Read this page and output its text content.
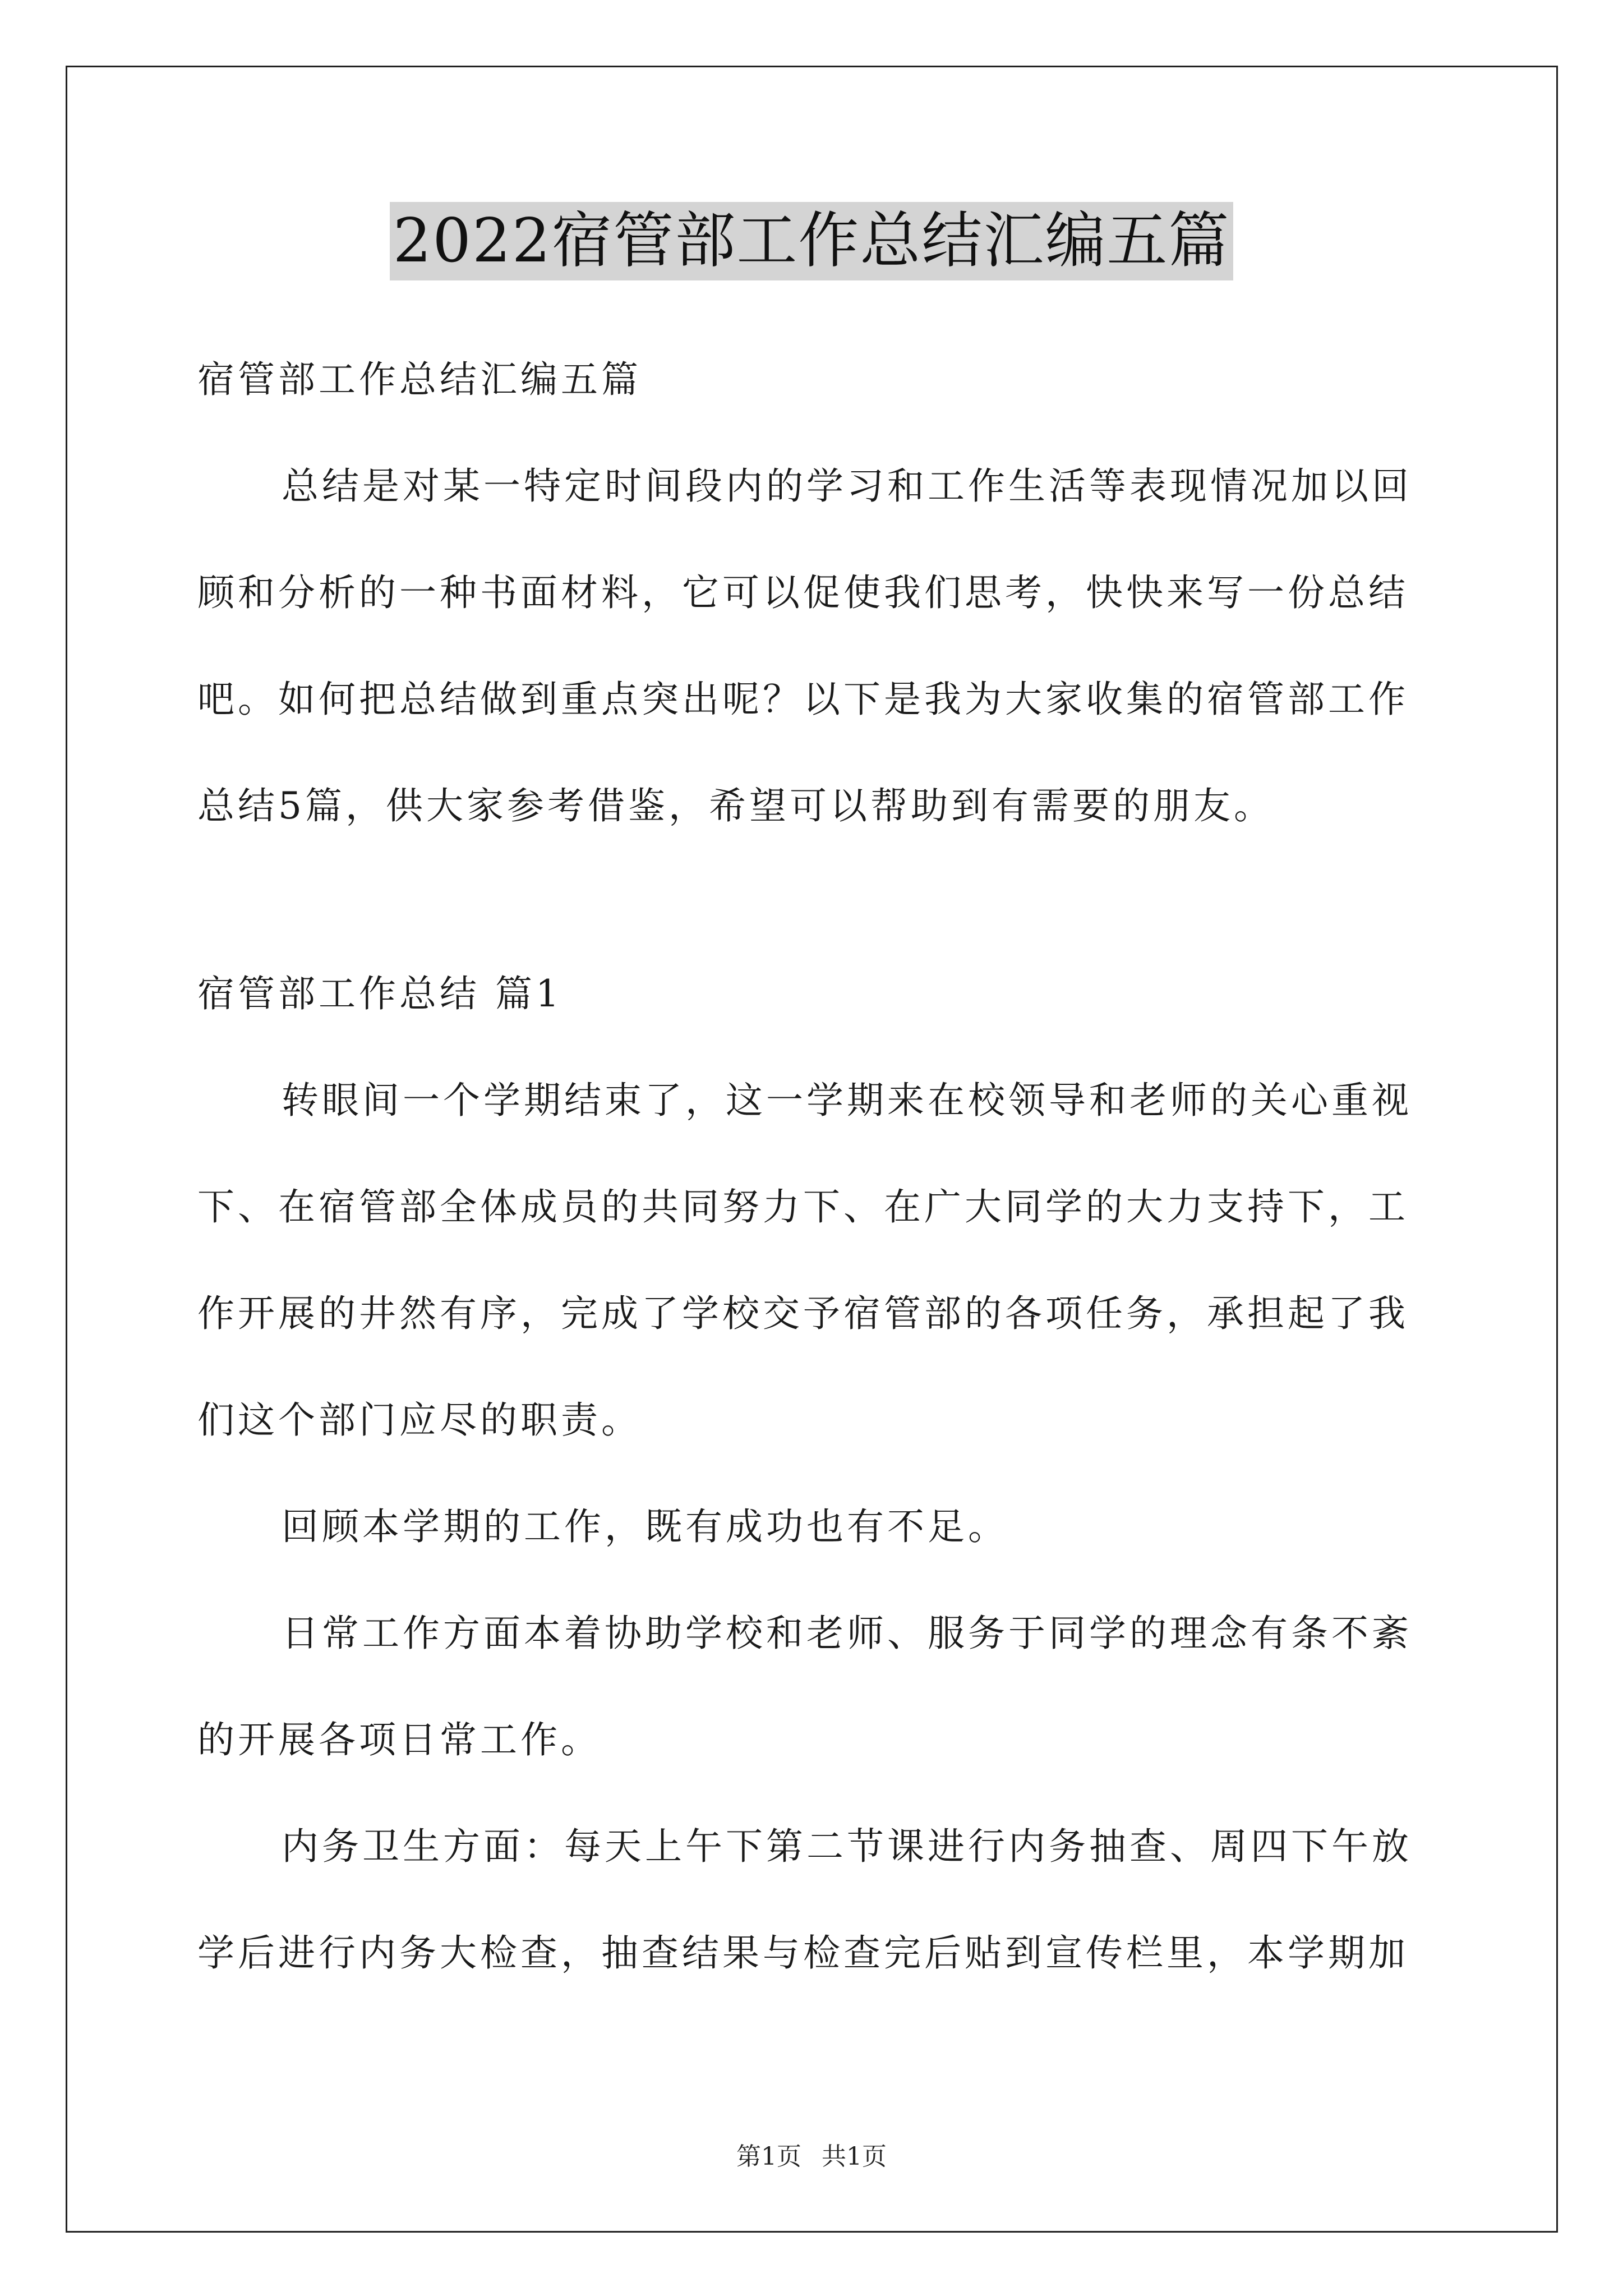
2022宿管部工作总结汇编五篇
宿管部工作总结汇编五篇
总结是对某一特定时间段内的学习和工作生活等表现情况加以回
顾和分析的一种书面材料，它可以促使我们思考，快快来写一份总结
吧。如何把总结做到重点突出呢？以下是我为大家收集的宿管部工作
总结5篇，供大家参考借鉴，希望可以帮助到有需要的朋友。
宿管部工作总结 篇1
转眼间一个学期结束了，这一学期来在校领导和老师的关心重视
下、在宿管部全体成员的共同努力下、在广大同学的大力支持下，工
作开展的井然有序，完成了学校交予宿管部的各项任务，承担起了我
们这个部门应尽的职责。
回顾本学期的工作，既有成功也有不足。
日常工作方面本着协助学校和老师、服务于同学的理念有条不紊
的开展各项日常工作。
内务卫生方面：每天上午下第二节课进行内务抽查、周四下午放
学后进行内务大检查，抽查结果与检查完后贴到宣传栏里，本学期加
第1页 共1页
